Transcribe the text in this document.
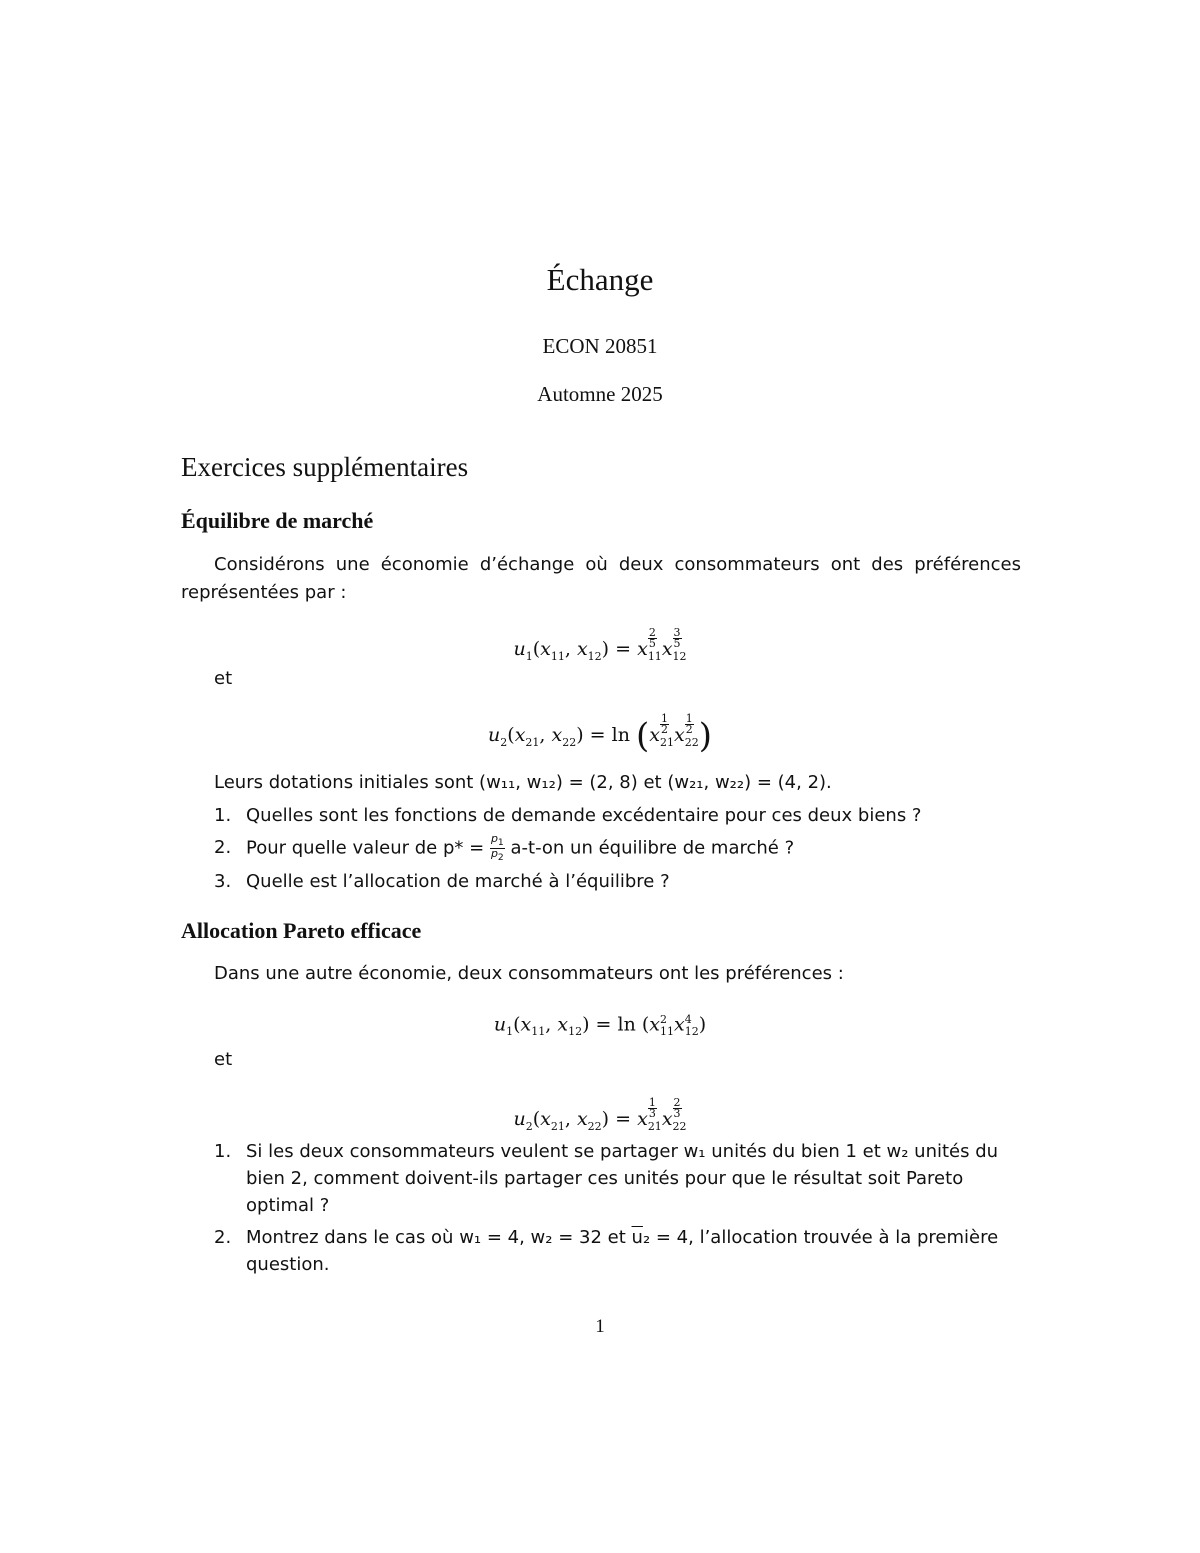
Échange
ECON 20851
Automne 2025
Exercices supplémentaires
Équilibre de marché
Considérons une économie d’échange où deux consommateurs ont des préférences représentées par :
$u_1(x_{11}$, $x_{12}) = x \frac{2}{5}$
$_{11}x \frac{3}{5}$
$_{12}$
et
$u_2(x_{21}$, $x_{22}) = \ln (x \frac{1}{2}$
$_{21}x \frac{1}{2}$
$_{22}$)
Leurs dotations initiales sont (w₁₁, w₁₂) = (2, 8) et (w₂₁, w₂₂) = (4, 2).
1. Quelles sont les fonctions de demande excédentaire pour ces deux biens ?
2. Pour quelle valeur de $p* = \frac{p_1}{p_2} a-t-on$ un équilibre de marché ?
3. Quelle est l’allocation de marché à l’équilibre ?
Allocation Pareto efficace
Dans une autre économie, deux consommateurs ont les préférences :
$u_1(x_{11}$, $x_{12}) = \ln (x^2_{11}x^4_{12})$
et
$u_2(x_{21}$, $x_{22}) = x \frac{1}{3}$
$_{21}x \frac{2}{3}$
$_{22}$
1. Si les deux consommateurs veulent se partager w₁ unités du bien 1 et w₂ unités du bien 2, comment doivent-ils partager ces unités pour que le résultat soit Pareto optimal ?
2. Montrez dans le cas où w₁ = 4, w₂ = 32 et $\overline{u}_2 = 4$, l’allocation trouvée à la première question.
1
